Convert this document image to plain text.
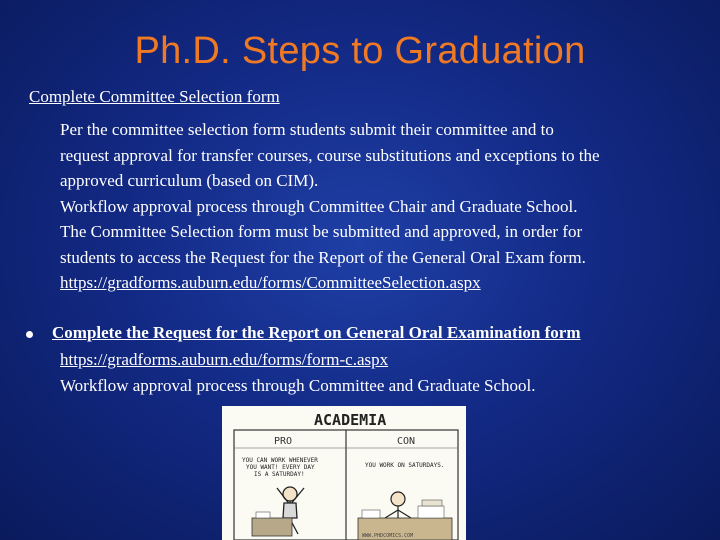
Ph.D. Steps to Graduation
Complete Committee Selection form
Per the committee selection form students submit their committee and to
request approval for transfer courses, course substitutions and exceptions to the
approved curriculum (based on CIM).
Workflow approval process through Committee Chair and Graduate School.
The Committee Selection form must be submitted and approved, in order for
students to access the Request for the Report of the General Oral Exam form.
https://gradforms.auburn.edu/forms/CommitteeSelection.aspx
Complete the Request for the Report on General Oral Examination form
https://gradforms.auburn.edu/forms/form-c.aspx
Workflow approval process through Committee and Graduate School.
ACADEMIA
PRO	CON
YOU CAN WORK WHENEVER
YOU WANT! EVERY DAY
IS A SATURDAY!
YOU WORK ON SATURDAYS.
WWW.PHDCOMICS.COM
